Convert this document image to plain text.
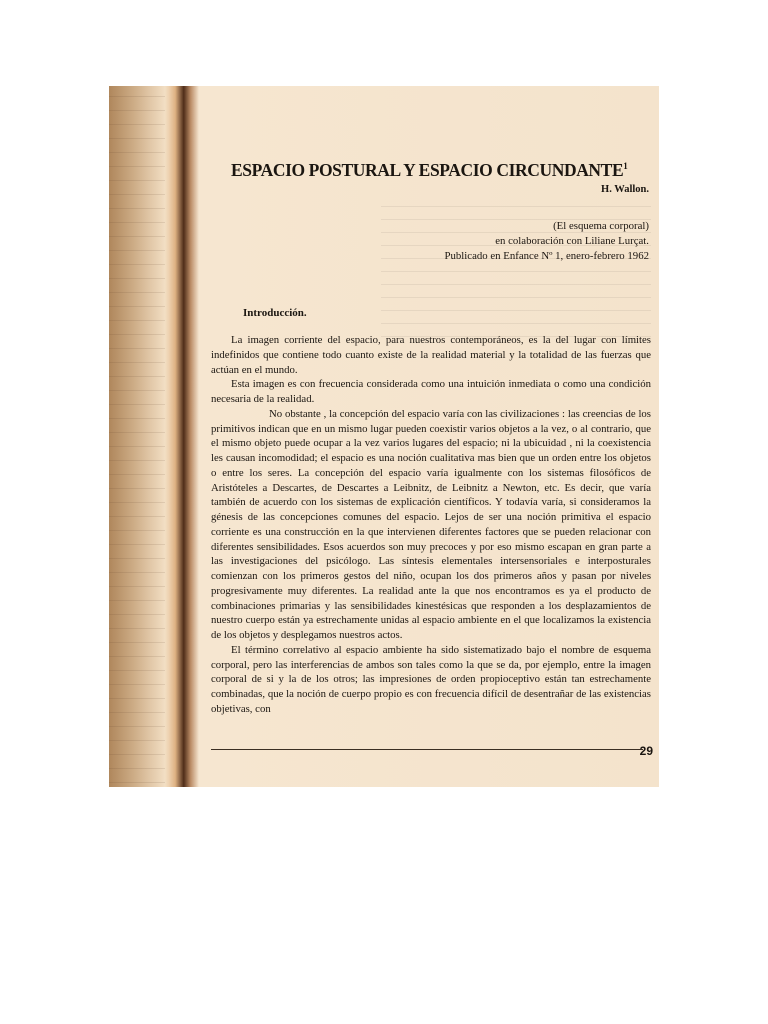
ESPACIO POSTURAL Y ESPACIO CIRCUNDANTE$^1$

H. Wallon.

(El esquema corporal)
en colaboración con Liliane Lurçat.
Publicado en Enfance Nº 1, enero-febrero 1962
Introducción.

La imagen corriente del espacio, para nuestros contemporáneos, es la del lugar con límites indefinidos que contiene todo cuanto existe de la realidad material y la totalidad de las fuerzas que actúan en el mundo.

Esta imagen es con frecuencia considerada como una intuición inmediata o como una condición necesaria de la realidad.

No obstante , la concepción del espacio varía con las civilizaciones : las creencias de los primitivos indican que en un mismo lugar pueden coexistir varios objetos a la vez, o al contrario, que el mismo objeto puede ocupar a la vez varios lugares del espacio; ni la ubicuidad , ni la coexistencia les causan incomodidad; el espacio es una noción cualitativa mas bien que un orden entre los objetos o entre los seres. La concepción del espacio varía igualmente con los sistemas filosóficos de Aristóteles a Descartes, de Descartes a Leibnitz, de Leibnitz a Newton, etc. Es decir, que varía también de acuerdo con los sistemas de explicación científicos. Y todavía varía, si consideramos la génesis de las concepciones comunes del espacio. Lejos de ser una noción primitiva el espacio corriente es una construcción en la que intervienen diferentes factores que se pueden relacionar con diferentes sensibilidades. Esos acuerdos son muy precoces y por eso mismo escapan en gran parte a las investigaciones del psicólogo. Las síntesis elementales intersensoriales e interposturales comienzan con los primeros gestos del niño, ocupan los dos primeros años y pasan por niveles progresivamente muy diferentes. La realidad ante la que nos encontramos es ya el producto de combinaciones primarias y las sensibilidades kinestésicas que responden a los desplazamientos de nuestro cuerpo están ya estrechamente unidas al espacio ambiente en el que localizamos la existencia de los objetos y desplegamos nuestros actos.

El término correlativo al espacio ambiente ha sido sistematizado bajo el nombre de esquema corporal, pero las interferencias de ambos son tales como la que se da, por ejemplo, entre la imagen corporal de si y la de los otros; las impresiones de orden propioceptivo están tan estrechamente combinadas, que la noción de cuerpo propio es con frecuencia difícil de desentrañar de las existencias objetivas, con

29
